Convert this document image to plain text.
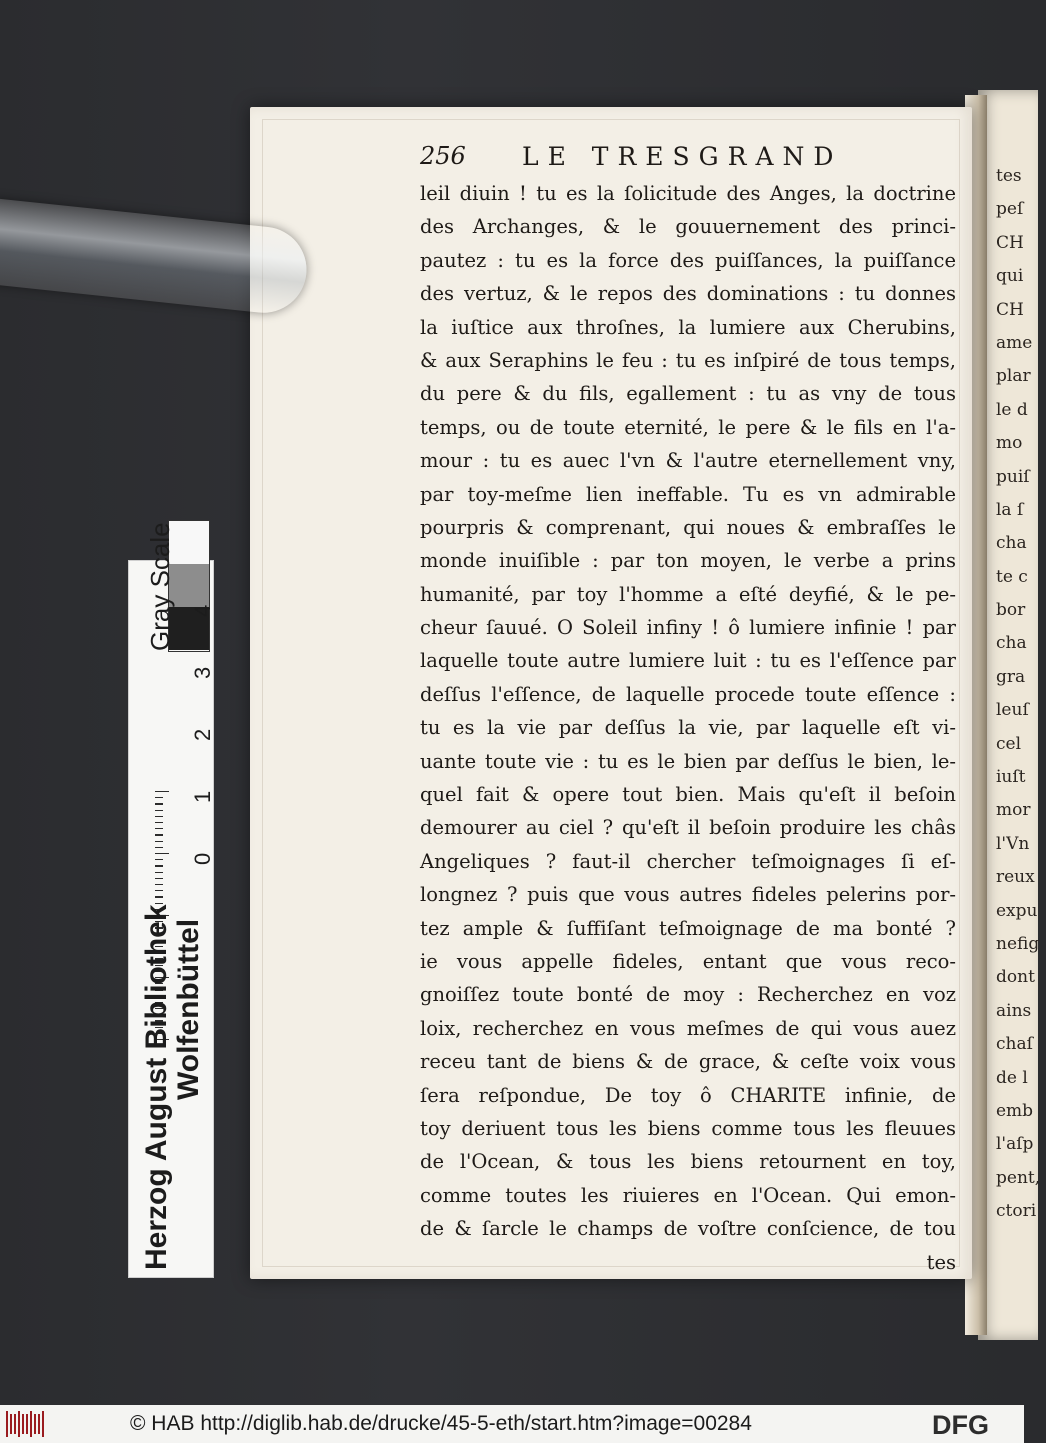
tes
peſ
CH
qui
CH
ame
plar
le d
mo
puiſ
la ſ
cha
te c
bor
cha
gra
leuſ
cel
iuſt
mor
l'Vn
reux
expu
nefig
dont
ains
chaſ
de l
emb
l'aſp
pent,
ctori
256 LE TRESGRAND
leil diuin ! tu es la ſolicitude des Anges, la doctrine
des Archanges, & le gouuernement des princi-
pautez : tu es la force des puiſſances, la puiſſance
des vertuz, & le repos des dominations : tu donnes
la iuſtice aux throſnes, la lumiere aux Cherubins,
& aux Seraphins le feu : tu es inſpiré de tous temps,
du pere & du fils, egallement : tu as vny de tous
temps, ou de toute eternité, le pere & le fils en l'a-
mour : tu es auec l'vn & l'autre eternellement vny,
par toy-meſme lien ineffable. Tu es vn admirable
pourpris & comprenant, qui noues & embraſſes le
monde inuiſible : par ton moyen, le verbe a prins
humanité, par toy l'homme a eſté deyfié, & le pe-
cheur ſauué. O Soleil infiny ! ô lumiere infinie ! par
laquelle toute autre lumiere luit : tu es l'eſſence par
deſſus l'eſſence, de laquelle procede toute eſſence :
tu es la vie par deſſus la vie, par laquelle eſt vi-
uante toute vie : tu es le bien par deſſus le bien, le-
quel fait & opere tout bien. Mais qu'eſt il beſoin
demourer au ciel ? qu'eſt il beſoin produire les châs
Angeliques ? faut-il chercher teſmoignages ſi eſ-
longnez ? puis que vous autres fideles pelerins por-
tez ample & ſuffiſant teſmoignage de ma bonté ?
ie vous appelle fideles, entant que vous reco-
gnoiſſez toute bonté de moy : Recherchez en voz
loix, recherchez en vous meſmes de qui vous auez
receu tant de biens & de grace, & ceſte voix vous
ſera reſpondue, De toy ô CHARITE infinie, de
toy deriuent tous les biens comme tous les fleuues
de l'Ocean, & tous les biens retournent en toy,
comme toutes les riuieres en l'Ocean. Qui emon-
de & ſarcle le champs de voſtre conſcience, de tou
tes
Gray Scale
Herzog August Bibliothek Wolfenbüttel
0
1
2
3
4
© HAB http://diglib.hab.de/drucke/45-5-eth/start.htm?image=00284	DFG
